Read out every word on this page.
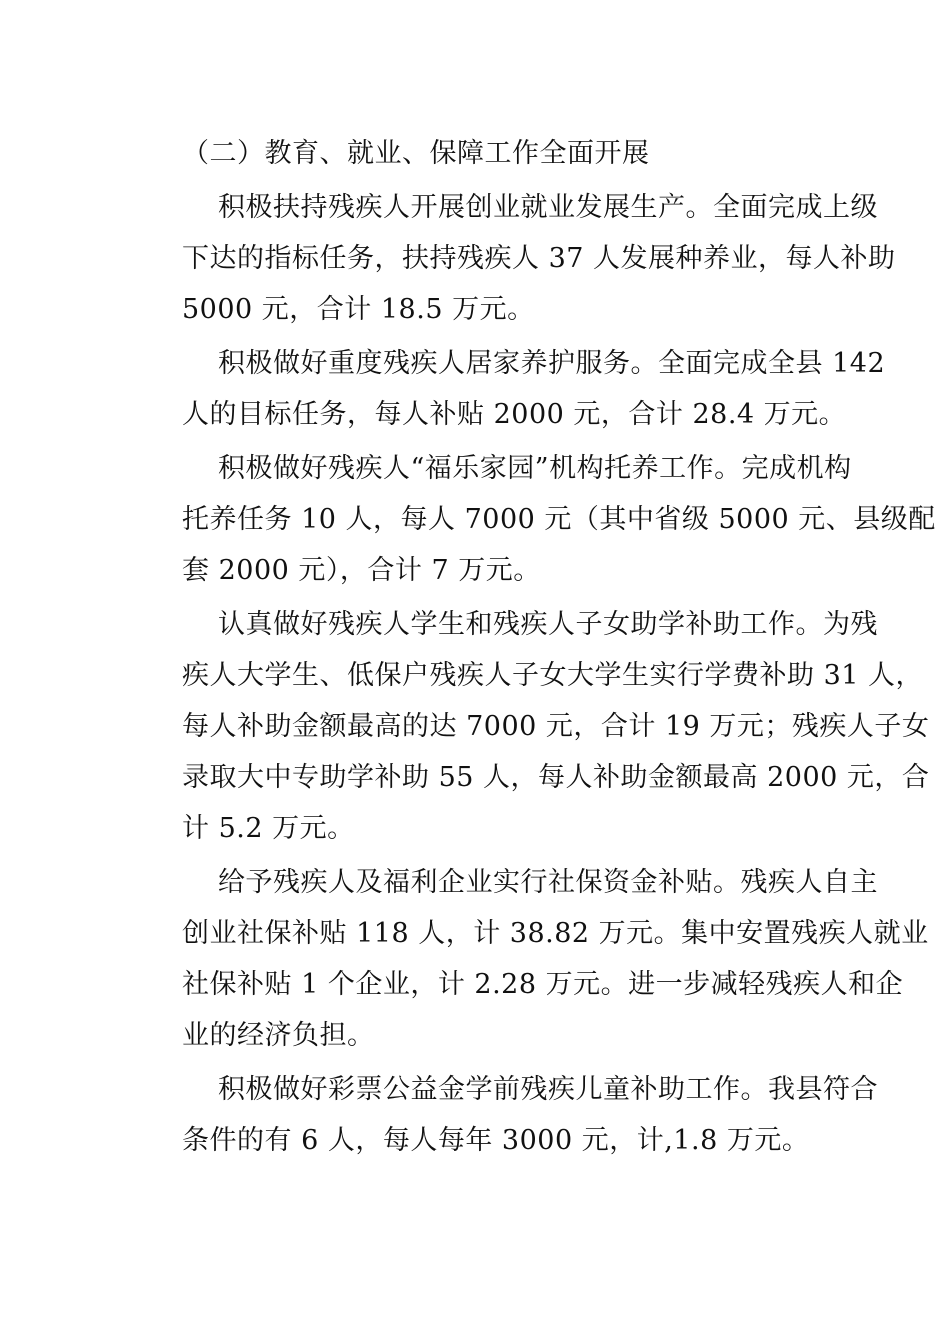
（二）教育、就业、保障工作全面开展

积极扶持残疾人开展创业就业发展生产。全面完成上级
下达的指标任务，扶持残疾人 37 人发展种养业，每人补助
5000 元，合计 18.5 万元。
积极做好重度残疾人居家养护服务。全面完成全县 142
人的目标任务，每人补贴 2000 元，合计 28.4 万元。
积极做好残疾人“福乐家园”机构托养工作。完成机构
托养任务 10 人，每人 7000 元（其中省级 5000 元、县级配
套 2000 元），合计 7 万元。
认真做好残疾人学生和残疾人子女助学补助工作。为残
疾人大学生、低保户残疾人子女大学生实行学费补助 31 人，
每人补助金额最高的达 7000 元，合计 19 万元；残疾人子女
录取大中专助学补助 55 人，每人补助金额最高 2000 元，合
计 5.2 万元。
给予残疾人及福利企业实行社保资金补贴。残疾人自主
创业社保补贴 118 人，计 38.82 万元。集中安置残疾人就业
社保补贴 1 个企业，计 2.28 万元。进一步减轻残疾人和企
业的经济负担。
积极做好彩票公益金学前残疾儿童补助工作。我县符合
条件的有 6 人，每人每年 3000 元，计,1.8 万元。
